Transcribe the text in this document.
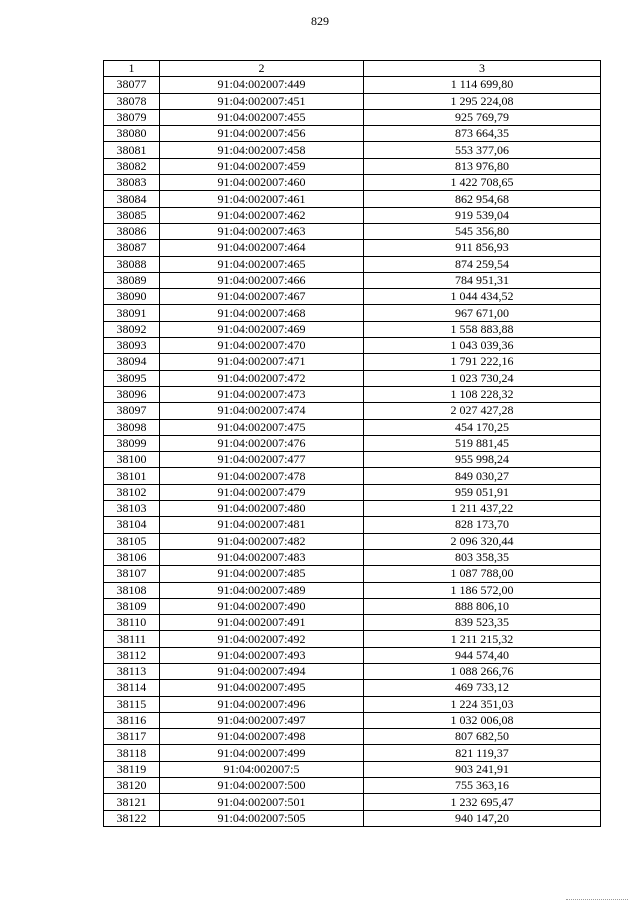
829
1	2	3
38077	91:04:002007:449	1 114 699,80
38078	91:04:002007:451	1 295 224,08
38079	91:04:002007:455	925 769,79
38080	91:04:002007:456	873 664,35
38081	91:04:002007:458	553 377,06
38082	91:04:002007:459	813 976,80
38083	91:04:002007:460	1 422 708,65
38084	91:04:002007:461	862 954,68
38085	91:04:002007:462	919 539,04
38086	91:04:002007:463	545 356,80
38087	91:04:002007:464	911 856,93
38088	91:04:002007:465	874 259,54
38089	91:04:002007:466	784 951,31
38090	91:04:002007:467	1 044 434,52
38091	91:04:002007:468	967 671,00
38092	91:04:002007:469	1 558 883,88
38093	91:04:002007:470	1 043 039,36
38094	91:04:002007:471	1 791 222,16
38095	91:04:002007:472	1 023 730,24
38096	91:04:002007:473	1 108 228,32
38097	91:04:002007:474	2 027 427,28
38098	91:04:002007:475	454 170,25
38099	91:04:002007:476	519 881,45
38100	91:04:002007:477	955 998,24
38101	91:04:002007:478	849 030,27
38102	91:04:002007:479	959 051,91
38103	91:04:002007:480	1 211 437,22
38104	91:04:002007:481	828 173,70
38105	91:04:002007:482	2 096 320,44
38106	91:04:002007:483	803 358,35
38107	91:04:002007:485	1 087 788,00
38108	91:04:002007:489	1 186 572,00
38109	91:04:002007:490	888 806,10
38110	91:04:002007:491	839 523,35
38111	91:04:002007:492	1 211 215,32
38112	91:04:002007:493	944 574,40
38113	91:04:002007:494	1 088 266,76
38114	91:04:002007:495	469 733,12
38115	91:04:002007:496	1 224 351,03
38116	91:04:002007:497	1 032 006,08
38117	91:04:002007:498	807 682,50
38118	91:04:002007:499	821 119,37
38119	91:04:002007:5	903 241,91
38120	91:04:002007:500	755 363,16
38121	91:04:002007:501	1 232 695,47
38122	91:04:002007:505	940 147,20
